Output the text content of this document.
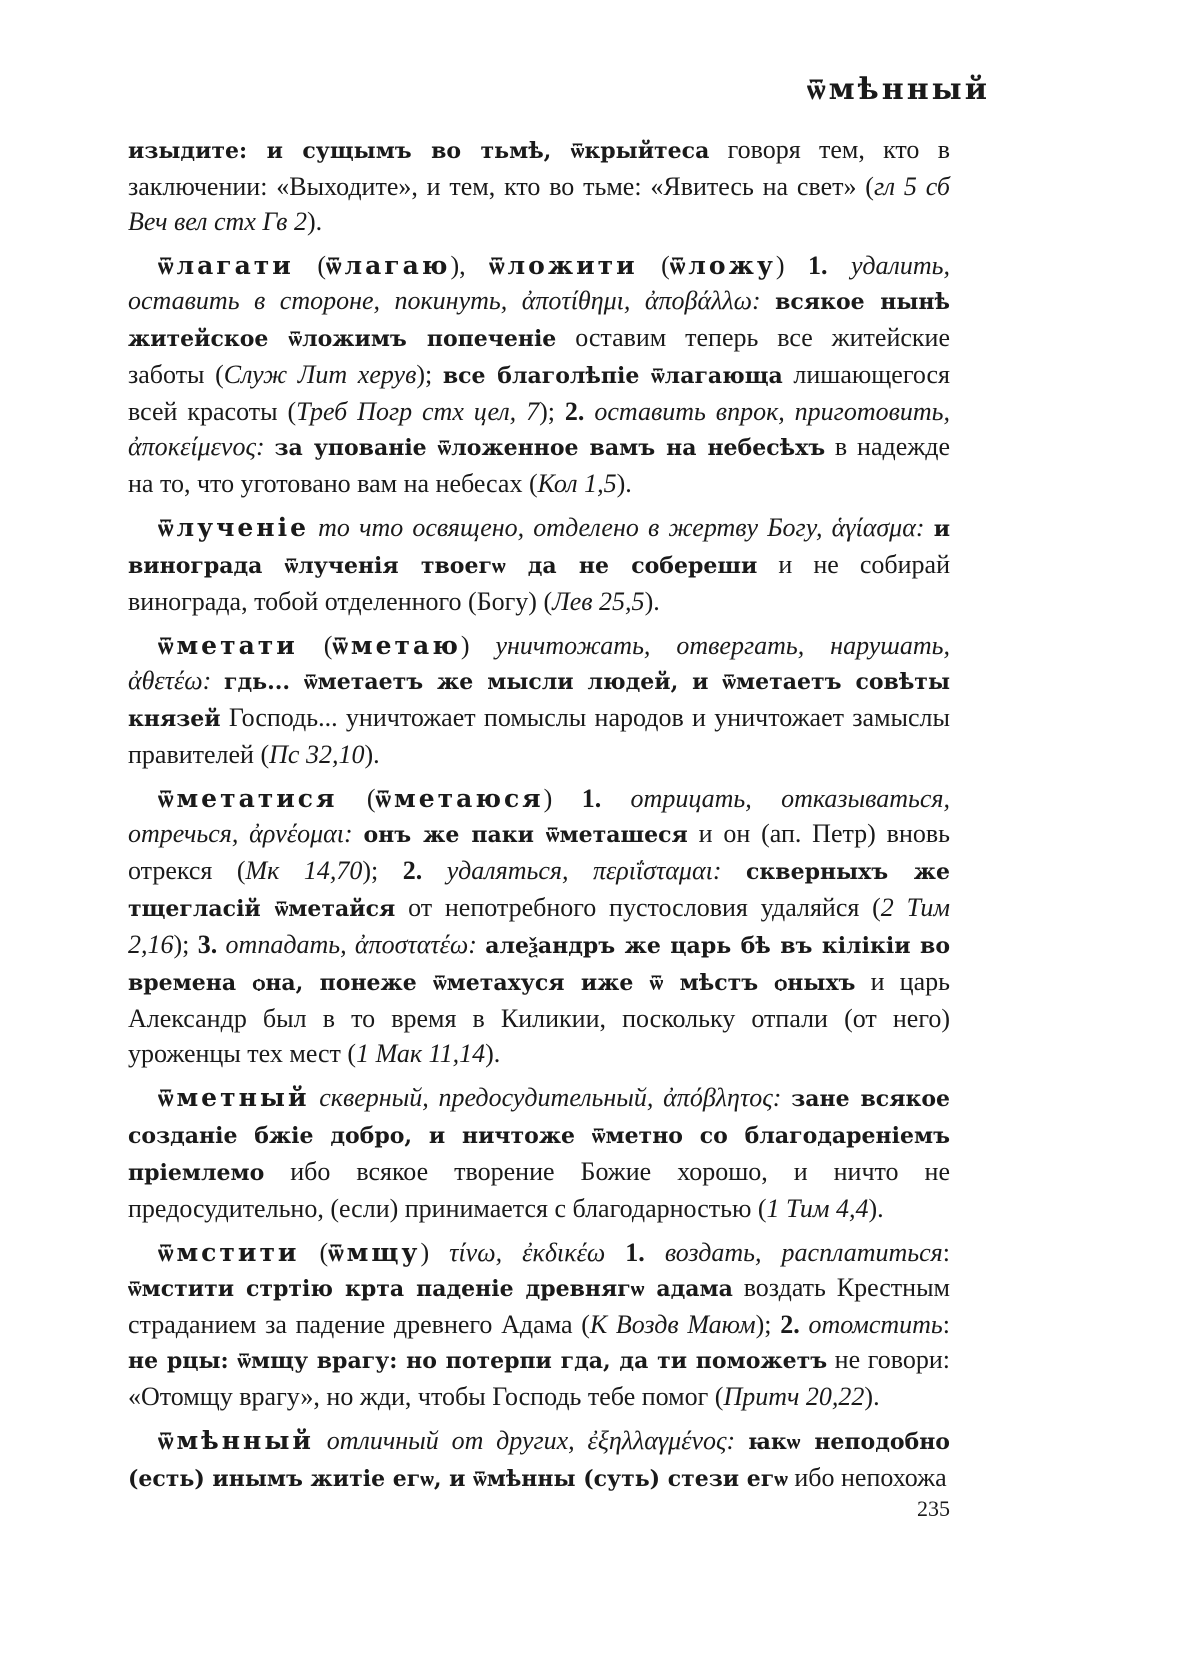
ѿмѣнный

изыдите: и сущымъ во тьмѣ, ѿкрыйтеса говоря тем, кто в заключении: «Выходите», и тем, кто во тьме: «Явитесь на свет» (гл 5 сб Веч вел стх Гв 2).

ѿлагати (ѿлагаю), ѿложити (ѿложу) 1. удалить, оставить в стороне, покинуть, ἀποτίθημι, ἀποβάλλω: всякое нынѣ житейское ѿложимъ попеченіе оставим теперь все житейские заботы (Служ Лит херув); все благолѣпіе ѿлагающа лишающегося всей красоты (Треб Погр стх цел, 7); 2. оставить впрок, приготовить, ἀποκείμενος: за упованіе ѿложенное вамъ на небесѣхъ в надежде на то, что уготовано вам на небесах (Кол 1,5).

ѿлученіе то что освящено, отделено в жертву Богу, ἁγίασμα: и винограда ѿлученія твоегѡ да не собереши и не собирай винограда, тобой отделенного (Богу) (Лев 25,5).

ѿметати (ѿметаю) уничтожать, отвергать, нарушать, ἀθετέω: гдь... ѿметаетъ же мысли людей, и ѿметаетъ совѣты князей Господь... уничтожает помыслы народов и уничтожает замыслы правителей (Пс 32,10).

ѿметатися (ѿметаюся) 1. отрицать, отказываться, отречься, ἀρνέομαι: онъ же паки ѿметашеся и он (ап. Петр) вновь отрекся (Мк 14,70); 2. удаляться, περιΐσταμαι: скверныхъ же тщегласій ѿметайся от непотребного пустословия удаляйся (2 Тим 2,16); 3. отпадать, ἀποστατέω: алеѯандръ же царь бѣ въ кілікіи во времена ѻна, понеже ѿметахуся иже ѿ мѣстъ ѻныхъ и царь Александр был в то время в Киликии, поскольку отпали (от него) уроженцы тех мест (1 Мак 11,14).

ѿметный скверный, предосудительный, ἀπόβλητος: зане всякое созданіе бжіе добро, и ничтоже ѿметно со благодареніемъ пріемлемо ибо всякое творение Божие хорошо, и ничто не предосудительно, (если) принимается с благодарностью (1 Тим 4,4).

ѿмстити (ѿмщу) τίνω, ἐκδικέω 1. воздать, расплатиться: ѿмстити стртію крта паденіе древнягѡ адама воздать Крестным страданием за падение древнего Адама (К Воздв Маюм); 2. отомстить: не рцы: ѿмщу врагу: но потерпи гда, да ти поможетъ не говори: «Отомщу врагу», но жди, чтобы Господь тебе помог (Притч 20,22).

ѿмѣнный отличный от других, ἐξηλλαγμένος: ꙗкѡ неподобно (есть) инымъ житіе егѡ, и ѿмѣнны (суть) стези егѡ ибо непохожа

235
